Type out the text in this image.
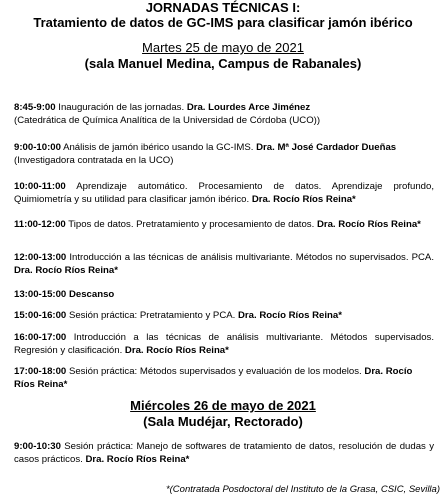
JORNADAS TÉCNICAS I:
Tratamiento de datos de GC-IMS para clasificar jamón ibérico
Martes 25 de mayo de 2021
(sala Manuel Medina, Campus de Rabanales)
8:45-9:00 Inauguración de las jornadas. Dra. Lourdes Arce Jiménez
(Catedrática de Química Analítica de la Universidad de Córdoba (UCO))
9:00-10:00 Análisis de jamón ibérico usando la GC-IMS. Dra. Mª José Cardador Dueñas (Investigadora contratada en la UCO)
10:00-11:00 Aprendizaje automático. Procesamiento de datos. Aprendizaje profundo, Quimiometría y su utilidad para clasificar jamón ibérico. Dra. Rocío Ríos Reina*
11:00-12:00 Tipos de datos. Pretratamiento y procesamiento de datos. Dra. Rocío Ríos Reina*
12:00-13:00 Introducción a las técnicas de análisis multivariante. Métodos no supervisados. PCA. Dra. Rocío Ríos Reina*
13:00-15:00 Descanso
15:00-16:00 Sesión práctica: Pretratamiento y PCA. Dra. Rocío Ríos Reina*
16:00-17:00 Introducción a las técnicas de análisis multivariante. Métodos supervisados. Regresión y clasificación. Dra. Rocío Ríos Reina*
17:00-18:00 Sesión práctica: Métodos supervisados y evaluación de los modelos. Dra. Rocío Ríos Reina*
Miércoles 26 de mayo de 2021
(Sala Mudéjar, Rectorado)
9:00-10:30 Sesión práctica: Manejo de softwares de tratamiento de datos, resolución de dudas y casos prácticos. Dra. Rocío Ríos Reina*
*(Contratada Posdoctoral del Instituto de la Grasa, CSIC, Sevilla)
